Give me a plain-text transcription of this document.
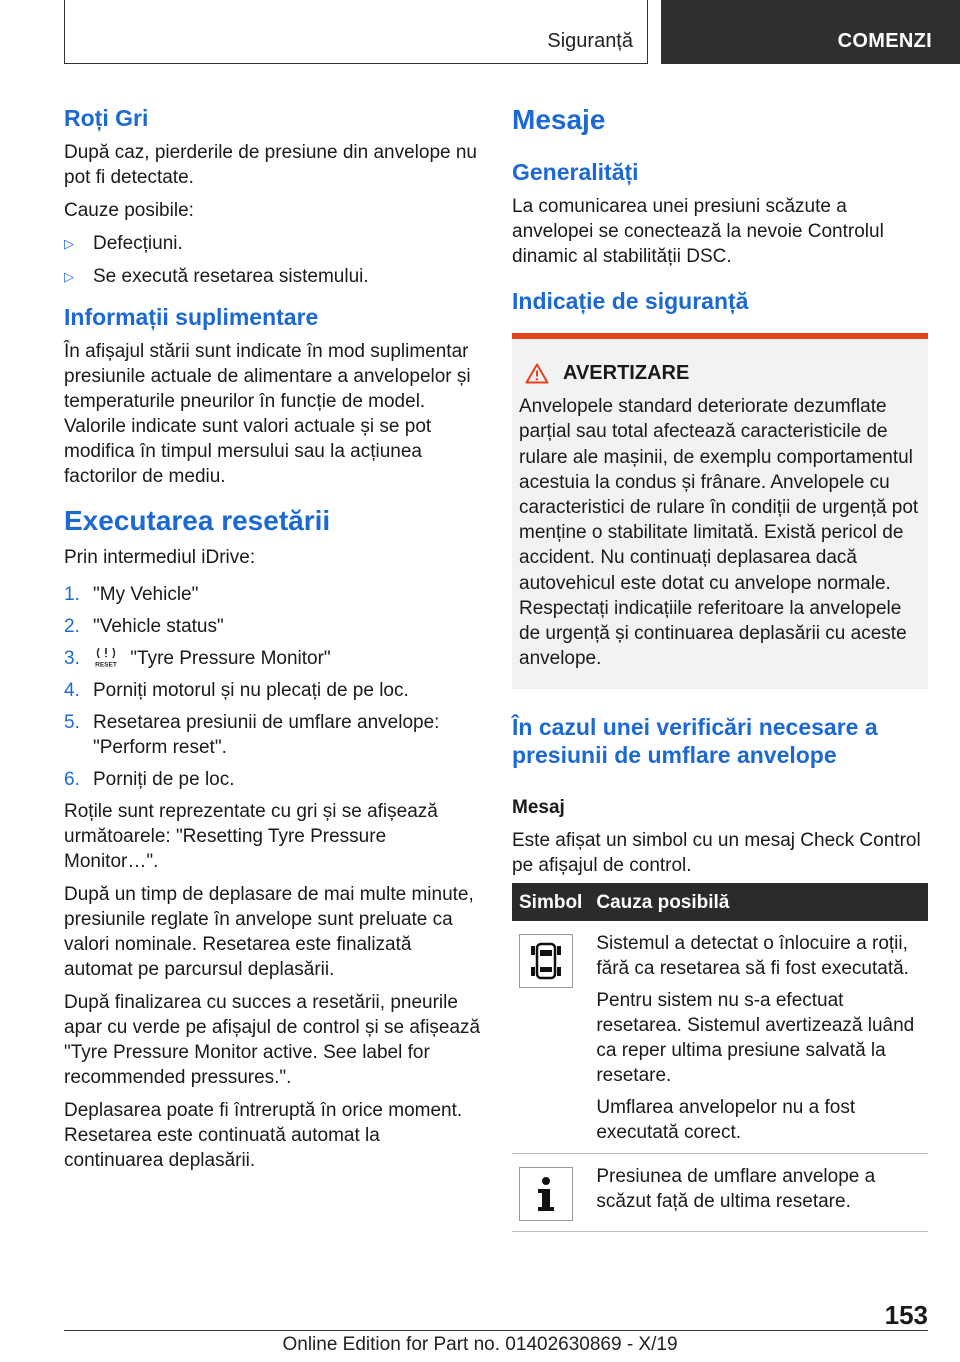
Siguranță	COMENZI
Roți Gri

După caz, pierderile de presiune din anvelope nu pot fi detectate.

Cauze posibile:

▷ Defecțiuni.
▷ Se execută resetarea sistemului.
Informații suplimentare

În afișajul stării sunt indicate în mod suplimentar presiunile actuale de alimentare a anvelopelor și temperaturile pneurilor în funcție de model. Valorile indicate sunt valori actuale și se pot modifica în timpul mersului sau la acțiunea factorilor de mediu.

Executarea resetării

Prin intermediul iDrive:

1. "My Vehicle"
2. "Vehicle status"
3. RESET "Tyre Pressure Monitor"
4. Porniți motorul și nu plecați de pe loc.
5. Resetarea presiunii de umflare anvelope: "Perform reset".
6. Porniți de pe loc.

Roțile sunt reprezentate cu gri și se afișează următoarele: "Resetting Tyre Pressure Monitor…".

După un timp de deplasare de mai multe minute, presiunile reglate în anvelope sunt preluate ca valori nominale. Resetarea este finalizată automat pe parcursul deplasării.

După finalizarea cu succes a resetării, pneurile apar cu verde pe afișajul de control și se afișează "Tyre Pressure Monitor active. See label for recommended pressures.".

Deplasarea poate fi întreruptă în orice moment. Resetarea este continuată automat la continuarea deplasării.

Mesaje
Generalități

La comunicarea unei presiuni scăzute a anvelopei se conectează la nevoie Controlul dinamic al stabilității DSC.

Indicație de siguranță
AVERTIZARE
Anvelopele standard deteriorate dezumflate parțial sau total afectează caracteristicile de rulare ale mașinii, de exemplu comportamentul acestuia la condus și frânare. Anvelopele cu caracteristici de rulare în condiții de urgență pot menține o stabilitate limitată. Există pericol de accident. Nu continuați deplasarea dacă autovehicul este dotat cu anvelope normale. Respectați indicațiile referitoare la anvelopele de urgență și continuarea deplasării cu aceste anvelope.
În cazul unei verificări necesare a presiunii de umflare anvelope
Mesaj

Este afișat un simbol cu un mesaj Check Control pe afișajul de control.

Simbol	Cauza posibilă

Sistemul a detectat o înlocuire a roții, fără ca resetarea să fi fost executată.

Pentru sistem nu s-a efectuat resetarea. Sistemul avertizează luând ca reper ultima presiune salvată la resetare.

Umflarea anvelopelor nu a fost executată corect.

Presiunea de umflare anvelope a scăzut față de ultima resetare.

153
Online Edition for Part no. 01402630869 - X/19
